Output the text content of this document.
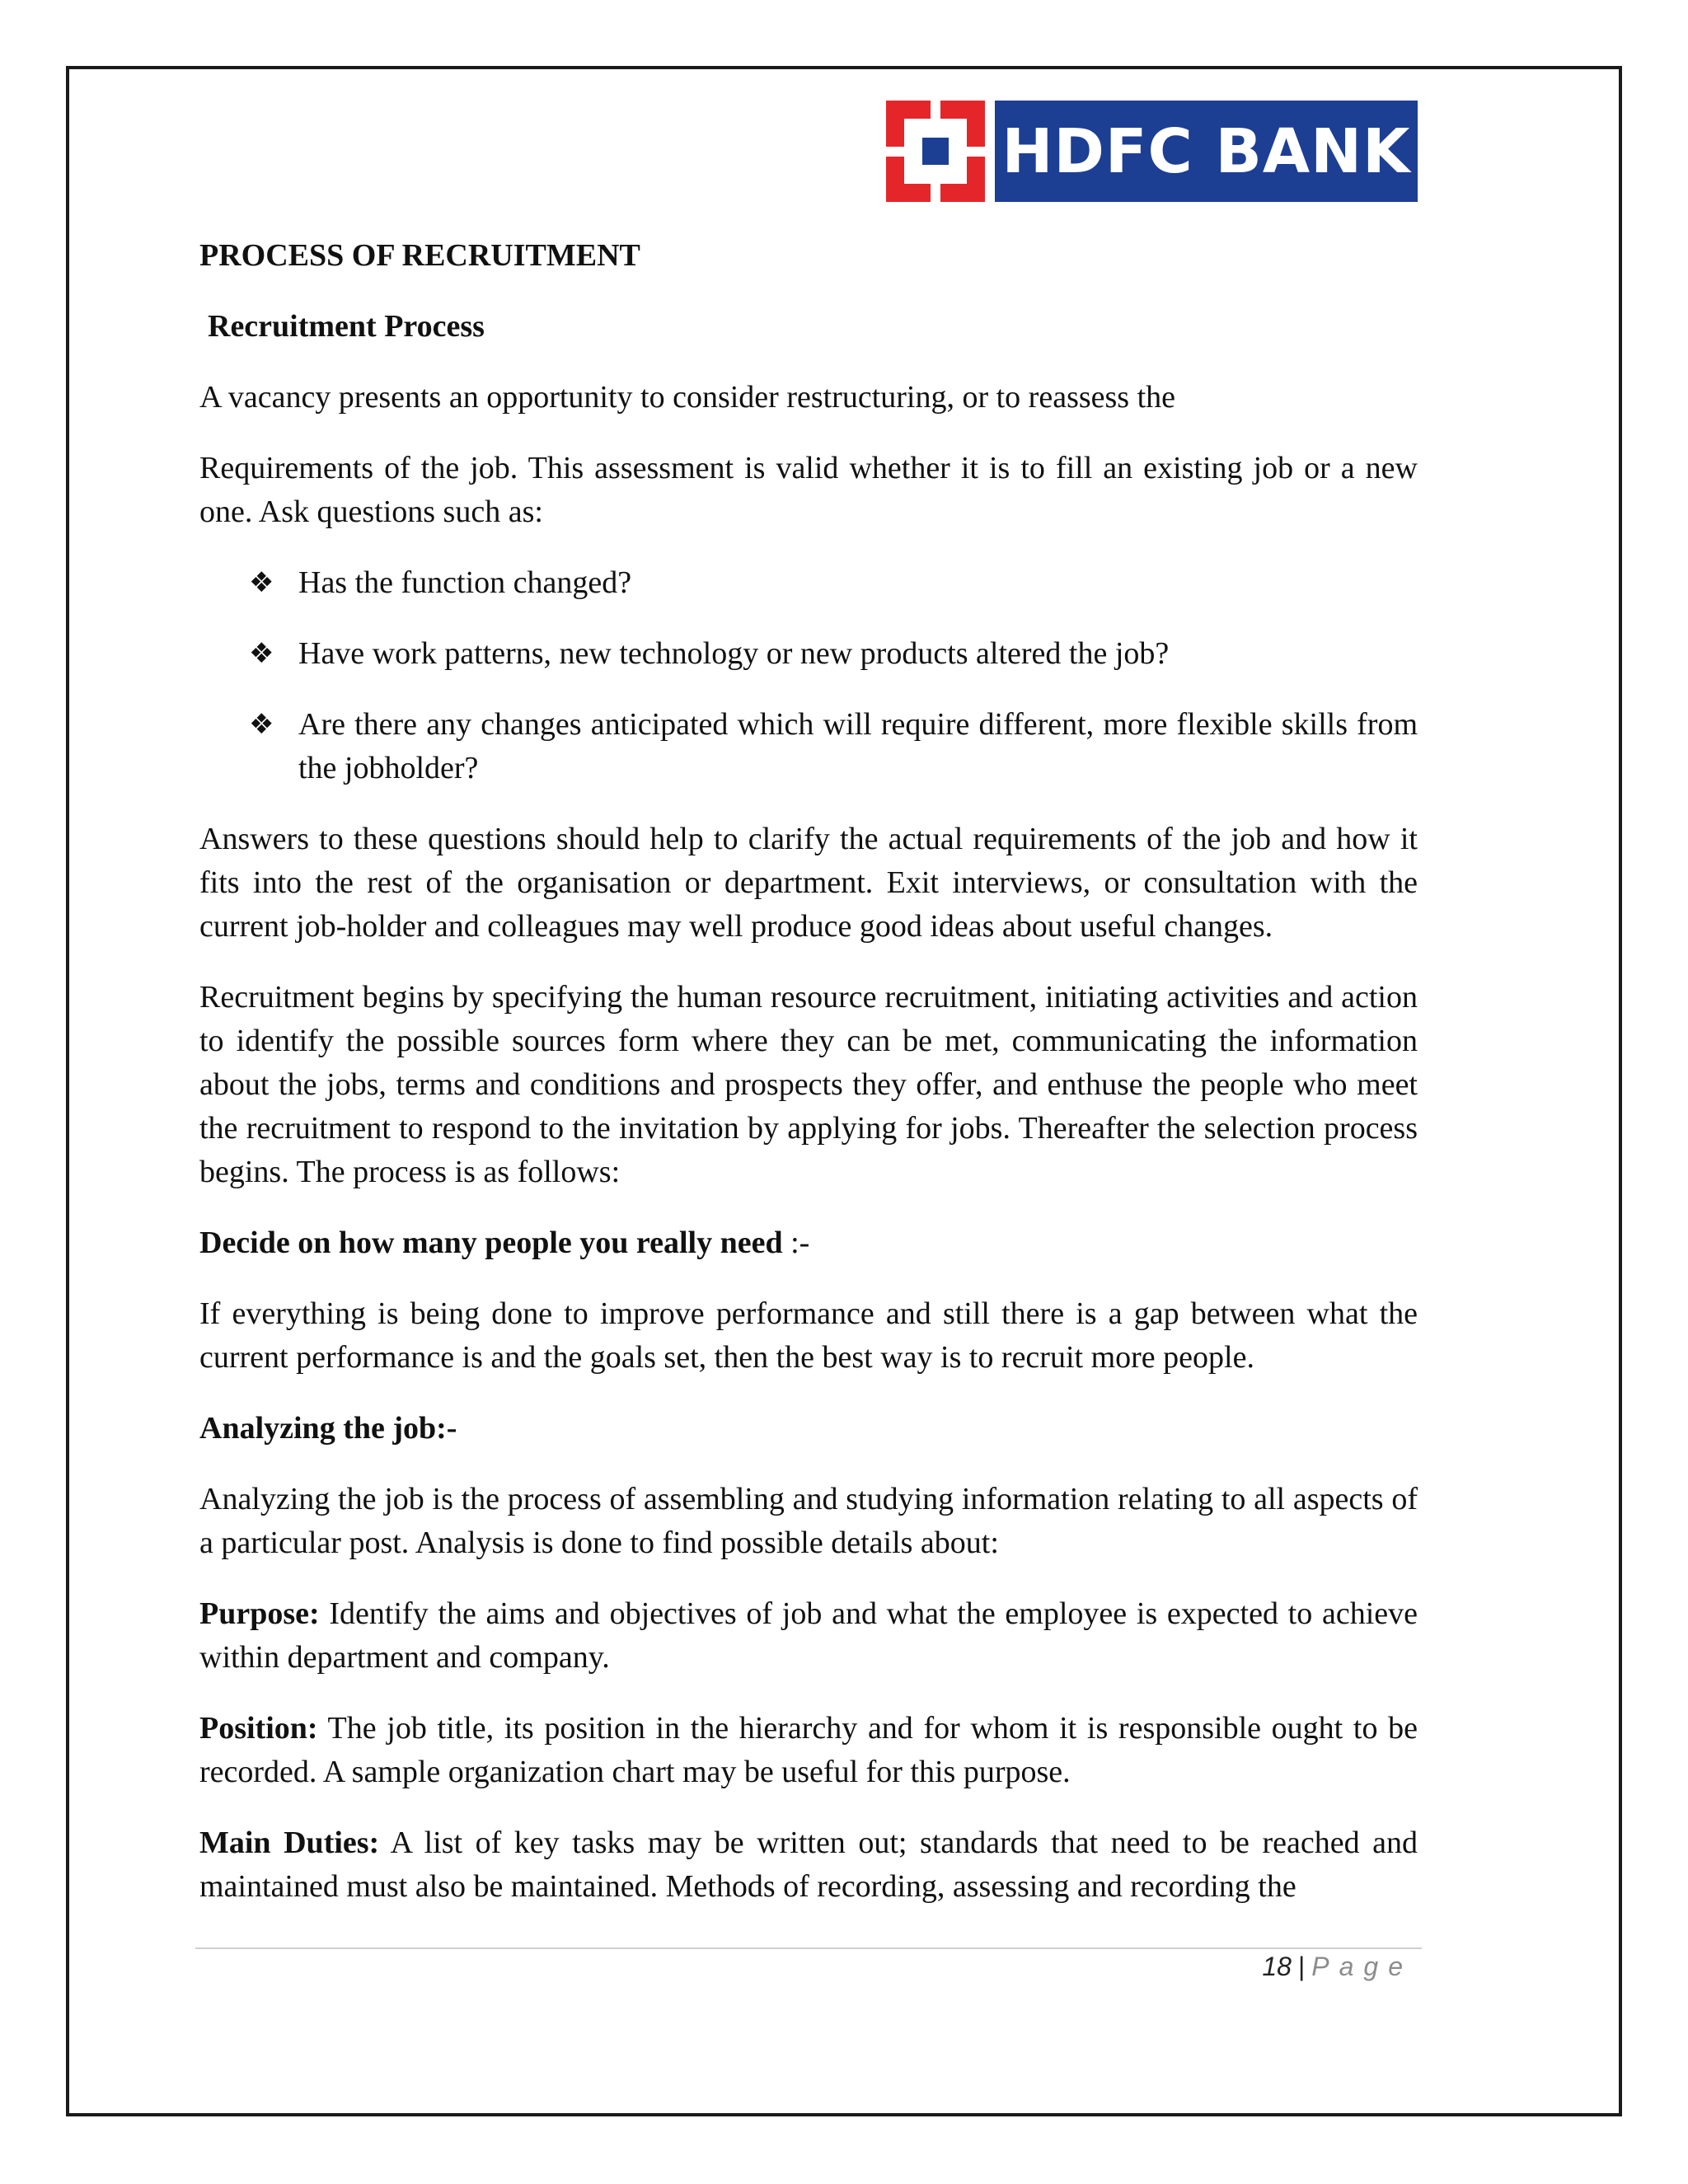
HDFC BANK
PROCESS OF RECRUITMENT
Recruitment Process

A vacancy presents an opportunity to consider restructuring, or to reassess the

Requirements of the job. This assessment is valid whether it is to fill an existing job or a new one. Ask questions such as:

❖ Has the function changed?
❖ Have work patterns, new technology or new products altered the job?
❖ Are there any changes anticipated which will require different, more flexible skills from the jobholder?

Answers to these questions should help to clarify the actual requirements of the job and how it fits into the rest of the organisation or department. Exit interviews, or consultation with the current job-holder and colleagues may well produce good ideas about useful changes.

Recruitment begins by specifying the human resource recruitment, initiating activities and action to identify the possible sources form where they can be met, communicating the information about the jobs, terms and conditions and prospects they offer, and enthuse the people who meet the recruitment to respond to the invitation by applying for jobs. Thereafter the selection process begins. The process is as follows:

Decide on how many people you really need :-

If everything is being done to improve performance and still there is a gap between what the current performance is and the goals set, then the best way is to recruit more people.

Analyzing the job:-

Analyzing the job is the process of assembling and studying information relating to all aspects of a particular post. Analysis is done to find possible details about:

Purpose: Identify the aims and objectives of job and what the employee is expected to achieve within department and company.

Position: The job title, its position in the hierarchy and for whom it is responsible ought to be recorded. A sample organization chart may be useful for this purpose.

Main Duties: A list of key tasks may be written out; standards that need to be reached and maintained must also be maintained. Methods of recording, assessing and recording the

18 | Page
